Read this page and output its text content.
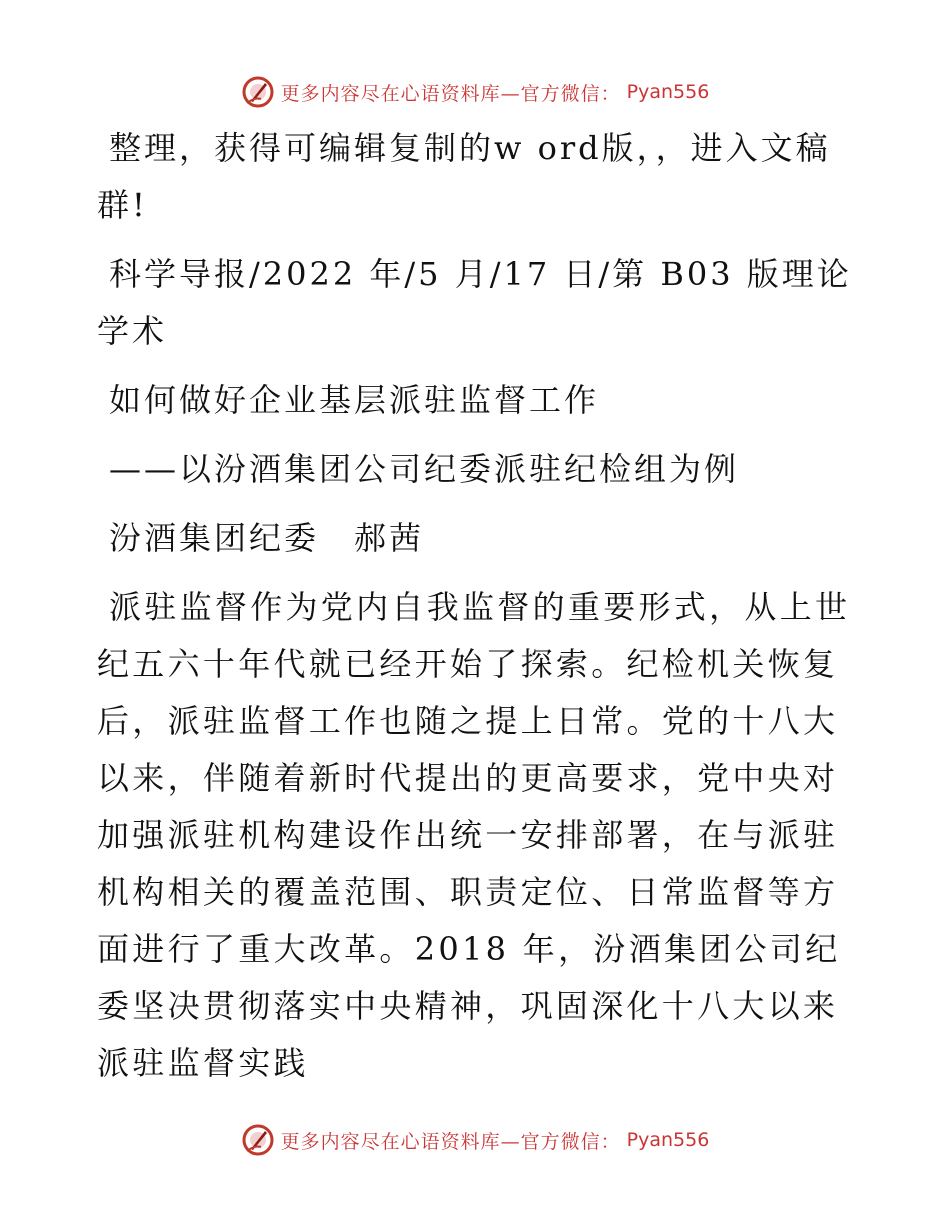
更多内容尽在心语资料库—官方微信： Pyan556

整理，获得可编辑复制的w ord版，，进入文稿群!

科学导报/2022 年/5 月/17 日/第 B03 版理论学术

如何做好企业基层派驻监督工作

——以汾酒集团公司纪委派驻纪检组为例

汾酒集团纪委　郝茜

派驻监督作为党内自我监督的重要形式，从上世纪五六十年代就已经开始了探索。纪检机关恢复后，派驻监督工作也随之提上日常。党的十八大以来，伴随着新时代提出的更高要求，党中央对加强派驻机构建设作出统一安排部署，在与派驻机构相关的覆盖范围、职责定位、日常监督等方面进行了重大改革。2018 年，汾酒集团公司纪委坚决贯彻落实中央精神，巩固深化十八大以来派驻监督实践

更多内容尽在心语资料库—官方微信： Pyan556
